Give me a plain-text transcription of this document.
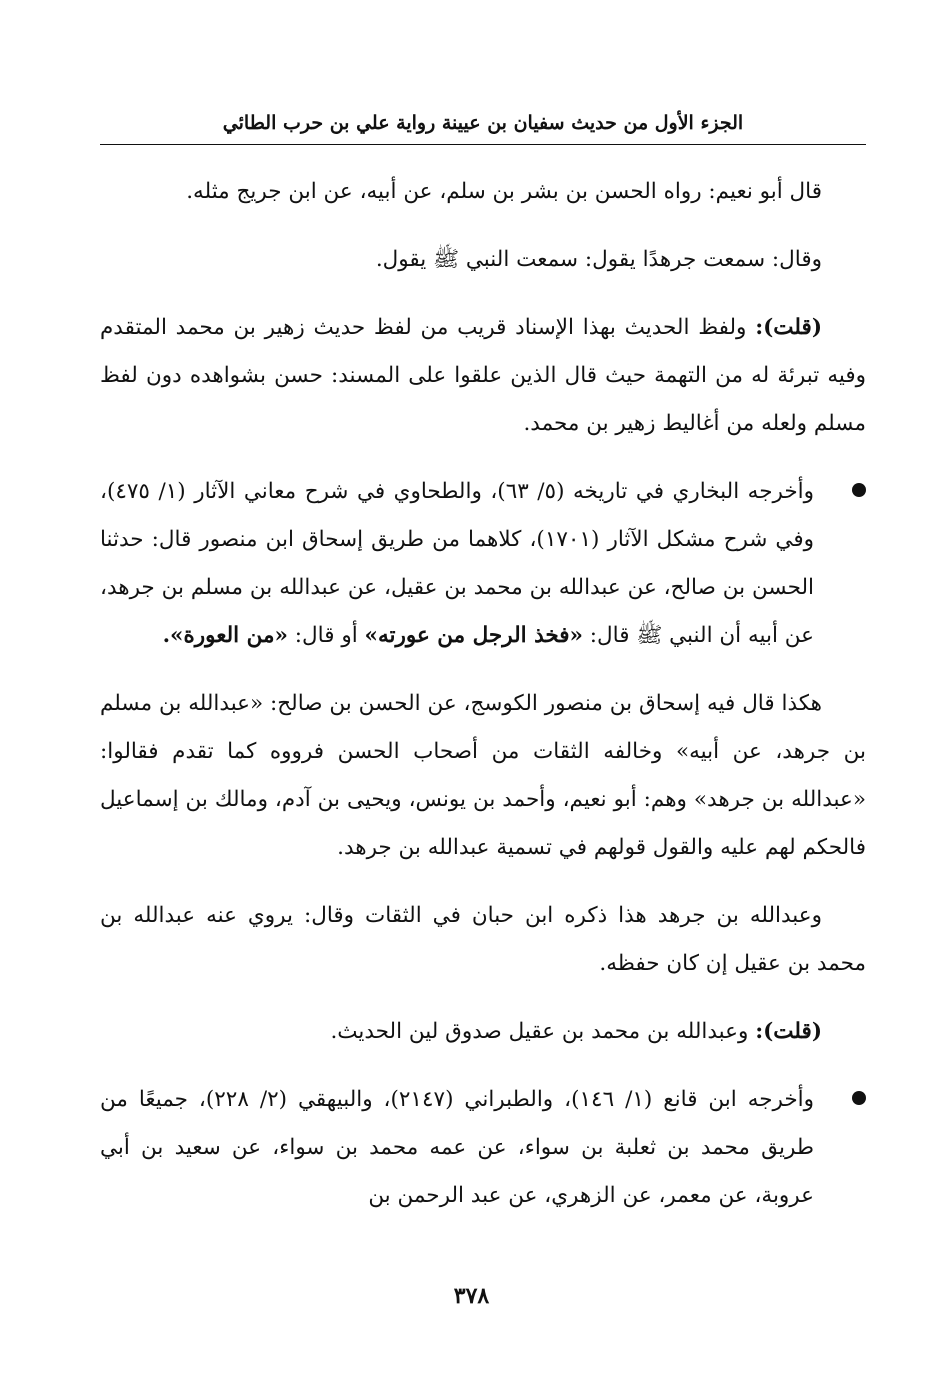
الجزء الأول من حديث سفيان بن عيينة رواية علي بن حرب الطائي

قال أبو نعيم: رواه الحسن بن بشر بن سلم، عن أبيه، عن ابن جريج مثله.

وقال: سمعت جرهدًا يقول: سمعت النبي ﷺ يقول.

(قلت): ولفظ الحديث بهذا الإسناد قريب من لفظ حديث زهير بن محمد المتقدم وفيه تبرئة له من التهمة حيث قال الذين علقوا على المسند: حسن بشواهده دون لفظ مسلم ولعله من أغاليط زهير بن محمد.

وأخرجه البخاري في تاريخه (٥/ ٦٣)، والطحاوي في شرح معاني الآثار (١/ ٤٧٥)، وفي شرح مشكل الآثار (١٧٠١)، كلاهما من طريق إسحاق ابن منصور قال: حدثنا الحسن بن صالح، عن عبدالله بن محمد بن عقيل، عن عبدالله بن مسلم بن جرهد، عن أبيه أن النبي ﷺ قال: «فخذ الرجل من عورته» أو قال: «من العورة».

هكذا قال فيه إسحاق بن منصور الكوسج، عن الحسن بن صالح: «عبدالله بن مسلم بن جرهد، عن أبيه» وخالفه الثقات من أصحاب الحسن فرووه كما تقدم فقالوا: «عبدالله بن جرهد» وهم: أبو نعيم، وأحمد بن يونس، ويحيى بن آدم، ومالك بن إسماعيل فالحكم لهم عليه والقول قولهم في تسمية عبدالله بن جرهد.

وعبدالله بن جرهد هذا ذكره ابن حبان في الثقات وقال: يروي عنه عبدالله بن محمد بن عقيل إن كان حفظه.

(قلت): وعبدالله بن محمد بن عقيل صدوق لين الحديث.

وأخرجه ابن قانع (١/ ١٤٦)، والطبراني (٢١٤٧)، والبيهقي (٢/ ٢٢٨)، جميعًا من طريق محمد بن ثعلبة بن سواء، عن عمه محمد بن سواء، عن سعيد بن أبي عروبة، عن معمر، عن الزهري، عن عبد الرحمن بن
٣٧٨
